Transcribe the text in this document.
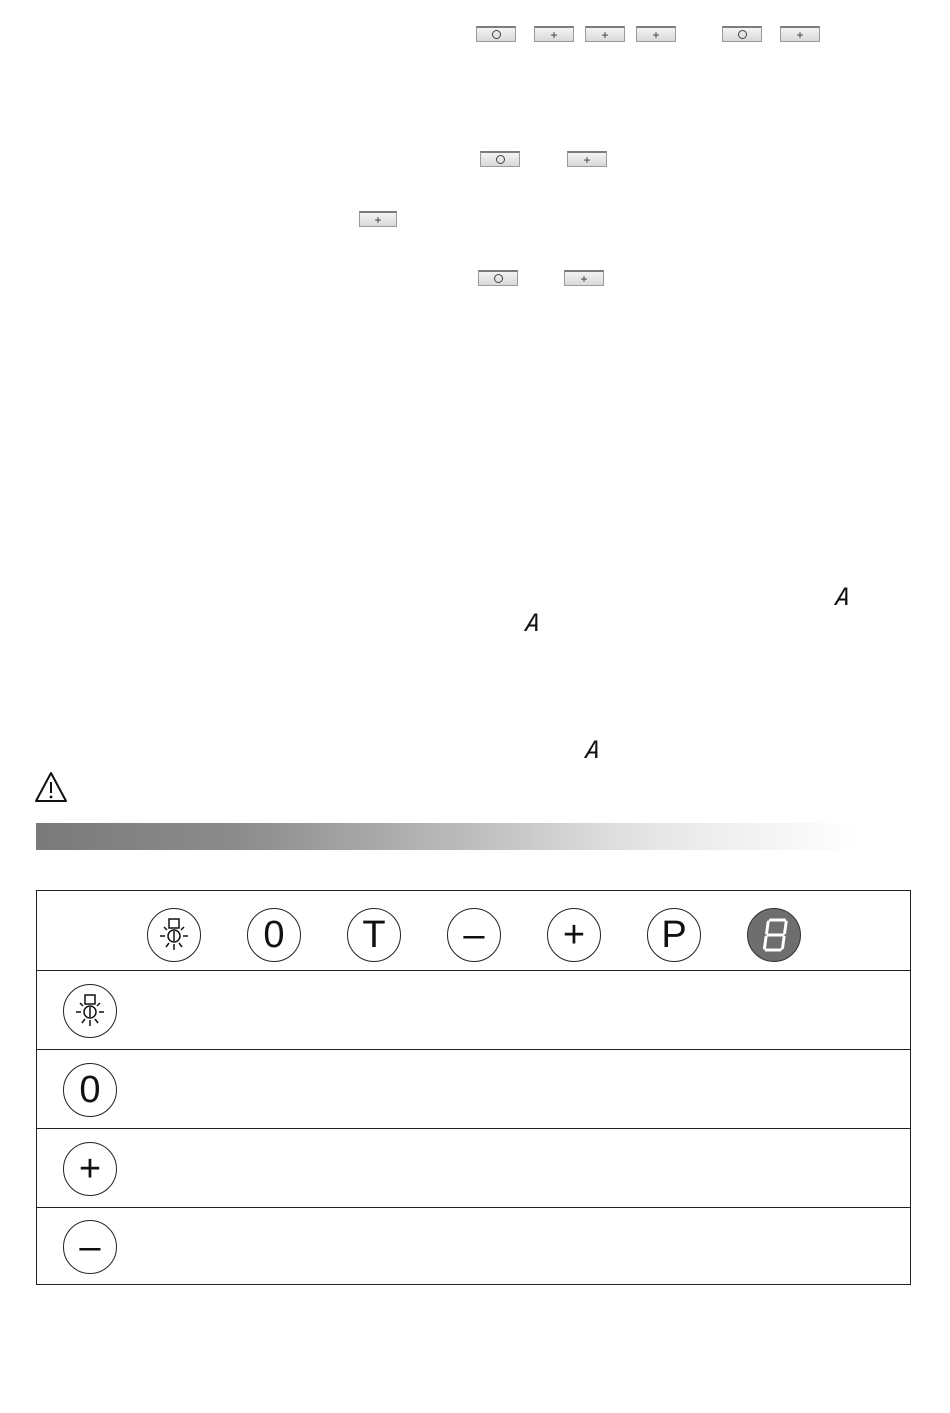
+	+	+	+
+
+
+
A
A
A
0	T	–	+	P
0
+
–
